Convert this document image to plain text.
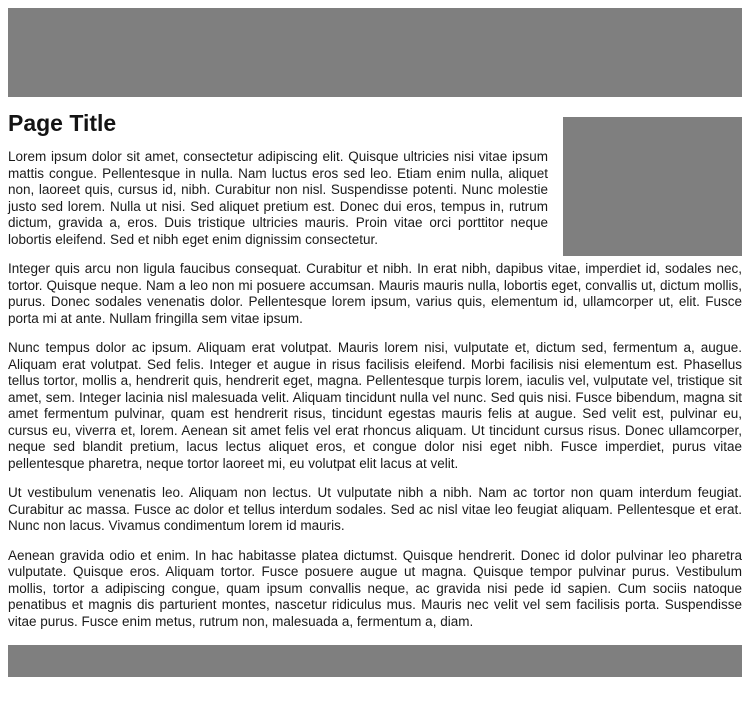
Page Title

Lorem ipsum dolor sit amet, consectetur adipiscing elit. Quisque ultricies nisi vitae ipsum mattis congue. Pellentesque in nulla. Nam luctus eros sed leo. Etiam enim nulla, aliquet non, laoreet quis, cursus id, nibh. Curabitur non nisl. Suspendisse potenti. Nunc molestie justo sed lorem. Nulla ut nisi. Sed aliquet pretium est. Donec dui eros, tempus in, rutrum dictum, gravida a, eros. Duis tristique ultricies mauris. Proin vitae orci porttitor neque lobortis eleifend. Sed et nibh eget enim dignissim consectetur.

Integer quis arcu non ligula faucibus consequat. Curabitur et nibh. In erat nibh, dapibus vitae, imperdiet id, sodales nec, tortor. Quisque neque. Nam a leo non mi posuere accumsan. Mauris mauris nulla, lobortis eget, convallis ut, dictum mollis, purus. Donec sodales venenatis dolor. Pellentesque lorem ipsum, varius quis, elementum id, ullamcorper ut, elit. Fusce porta mi at ante. Nullam fringilla sem vitae ipsum.

Nunc tempus dolor ac ipsum. Aliquam erat volutpat. Mauris lorem nisi, vulputate et, dictum sed, fermentum a, augue. Aliquam erat volutpat. Sed felis. Integer et augue in risus facilisis eleifend. Morbi facilisis nisi elementum est. Phasellus tellus tortor, mollis a, hendrerit quis, hendrerit eget, magna. Pellentesque turpis lorem, iaculis vel, vulputate vel, tristique sit amet, sem. Integer lacinia nisl malesuada velit. Aliquam tincidunt nulla vel nunc. Sed quis nisi. Fusce bibendum, magna sit amet fermentum pulvinar, quam est hendrerit risus, tincidunt egestas mauris felis at augue. Sed velit est, pulvinar eu, cursus eu, viverra et, lorem. Aenean sit amet felis vel erat rhoncus aliquam. Ut tincidunt cursus risus. Donec ullamcorper, neque sed blandit pretium, lacus lectus aliquet eros, et congue dolor nisi eget nibh. Fusce imperdiet, purus vitae pellentesque pharetra, neque tortor laoreet mi, eu volutpat elit lacus at velit.

Ut vestibulum venenatis leo. Aliquam non lectus. Ut vulputate nibh a nibh. Nam ac tortor non quam interdum feugiat. Curabitur ac massa. Fusce ac dolor et tellus interdum sodales. Sed ac nisl vitae leo feugiat aliquam. Pellentesque et erat. Nunc non lacus. Vivamus condimentum lorem id mauris.

Aenean gravida odio et enim. In hac habitasse platea dictumst. Quisque hendrerit. Donec id dolor pulvinar leo pharetra vulputate. Quisque eros. Aliquam tortor. Fusce posuere augue ut magna. Quisque tempor pulvinar purus. Vestibulum mollis, tortor a adipiscing congue, quam ipsum convallis neque, ac gravida nisi pede id sapien. Cum sociis natoque penatibus et magnis dis parturient montes, nascetur ridiculus mus. Mauris nec velit vel sem facilisis porta. Suspendisse vitae purus. Fusce enim metus, rutrum non, malesuada a, fermentum a, diam.
